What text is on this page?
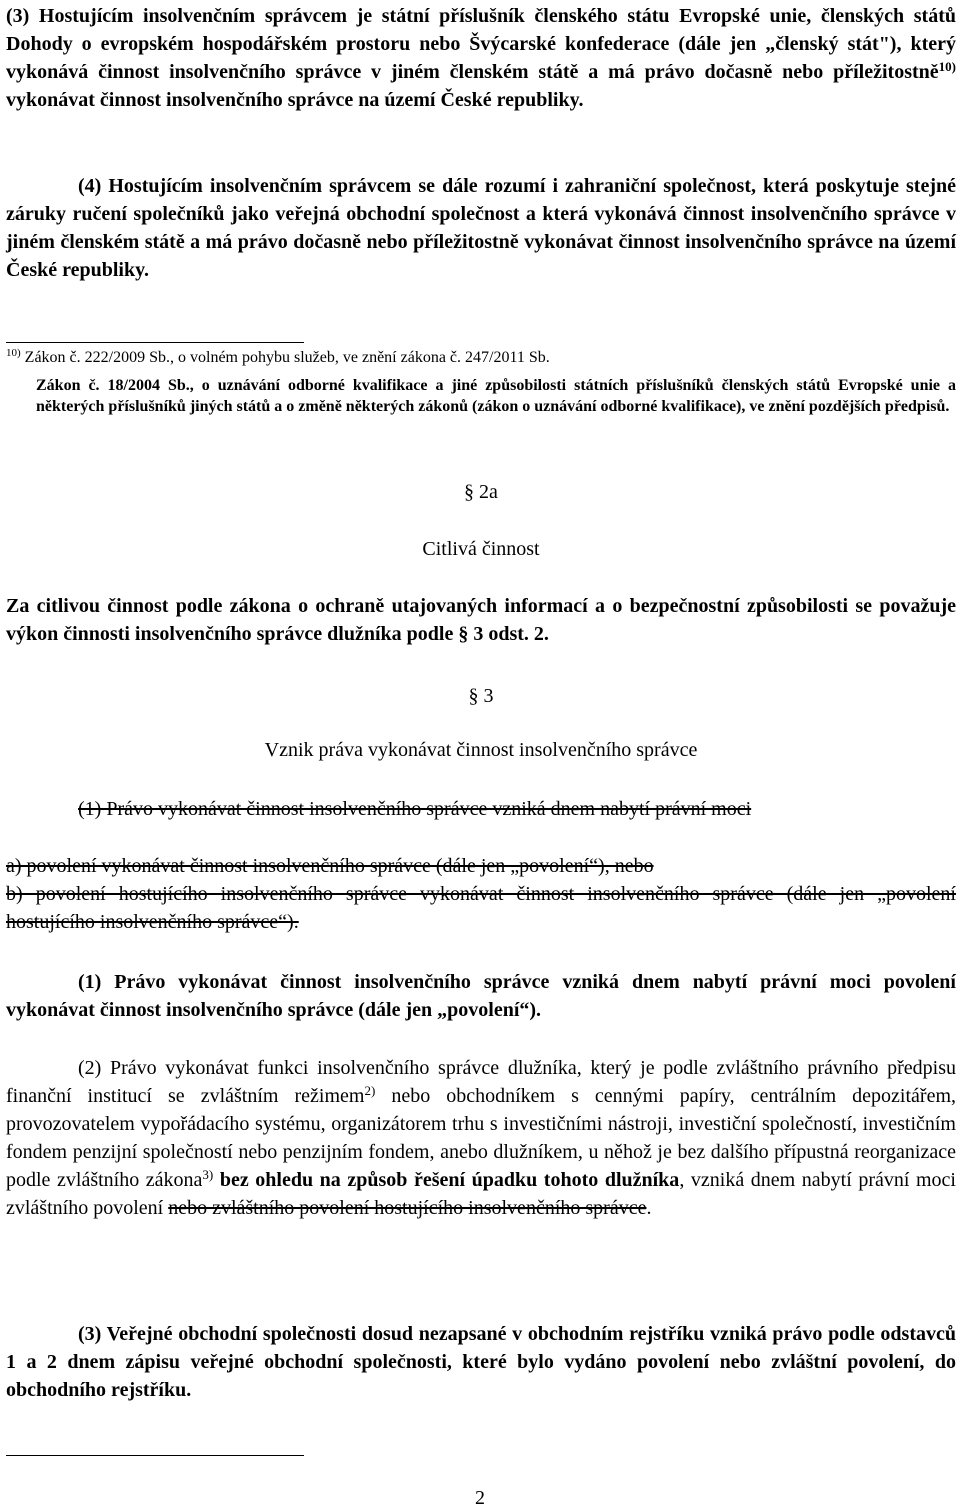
(3) Hostujícím insolvenčním správcem je státní příslušník členského státu Evropské unie, členských států Dohody o evropském hospodářském prostoru nebo Švýcarské konfederace (dále jen „členský stát"), který vykonává činnost insolvenčního správce v jiném členském státě a má právo dočasně nebo příležitostně$^{10)}$ vykonávat činnost insolvenčního správce na území České republiky.

(4) Hostujícím insolvenčním správcem se dále rozumí i zahraniční společnost, která poskytuje stejné záruky ručení společníků jako veřejná obchodní společnost a která vykonává činnost insolvenčního správce v jiném členském státě a má právo dočasně nebo příležitostně vykonávat činnost insolvenčního správce na území České republiky.

$^{10)}$ Zákon č. 222/2009 Sb., o volném pohybu služeb, ve znění zákona č. 247/2011 Sb.

Zákon č. 18/2004 Sb., o uznávání odborné kvalifikace a jiné způsobilosti státních příslušníků členských států Evropské unie a některých příslušníků jiných států a o změně některých zákonů (zákon o uznávání odborné kvalifikace), ve znění pozdějších předpisů.

§ 2a

Citlivá činnost

Za citlivou činnost podle zákona o ochraně utajovaných informací a o bezpečnostní způsobilosti se považuje výkon činnosti insolvenčního správce dlužníka podle § 3 odst. 2.

§ 3

Vznik práva vykonávat činnost insolvenčního správce

(1) Právo vykonávat činnost insolvenčního správce vzniká dnem nabytí právní moci

a) povolení vykonávat činnost insolvenčního správce (dále jen „povolení“), nebo

b) povolení hostujícího insolvenčního správce vykonávat činnost insolvenčního správce (dále jen „povolení hostujícího insolvenčního správce“).

(1) Právo vykonávat činnost insolvenčního správce vzniká dnem nabytí právní moci povolení vykonávat činnost insolvenčního správce (dále jen „povolení“).

(2) Právo vykonávat funkci insolvenčního správce dlužníka, který je podle zvláštního právního předpisu finanční institucí se zvláštním režimem$^{2)}$ nebo obchodníkem s cennými papíry, centrálním depozitářem, provozovatelem vypořádacího systému, organizátorem trhu s investičními nástroji, investiční společností, investičním fondem penzijní společností nebo penzijním fondem, anebo dlužníkem, u něhož je bez dalšího přípustná reorganizace podle zvláštního zákona$^{3)}$ bez ohledu na způsob řešení úpadku tohoto dlužníka, vzniká dnem nabytí právní moci zvláštního povolení nebo zvláštního povolení hostujícího insolvenčního správce.

(3) Veřejné obchodní společnosti dosud nezapsané v obchodním rejstříku vzniká právo podle odstavců 1 a 2 dnem zápisu veřejné obchodní společnosti, které bylo vydáno povolení nebo zvláštní povolení, do obchodního rejstříku.

2
